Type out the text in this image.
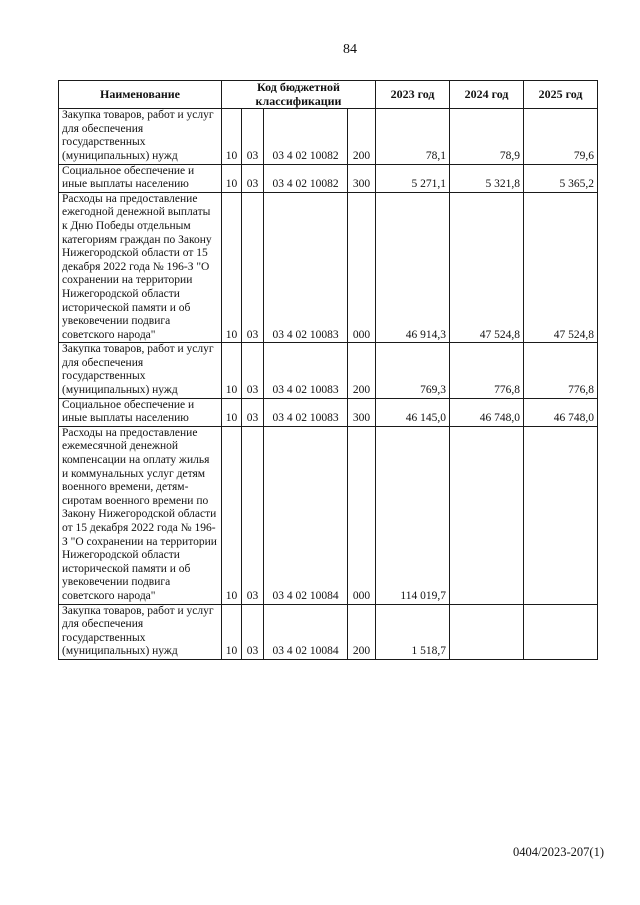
84
Наименование	Код бюджетной классификации				2023 год	2024 год	2025 год
Закупка товаров, работ и услуг для обеспечения государственных (муниципальных) нужд	10	03	03 4 02 10082	200	78,1	78,9	79,6
Социальное обеспечение и иные выплаты населению	10	03	03 4 02 10082	300	5 271,1	5 321,8	5 365,2
Расходы на предоставление ежегодной денежной выплаты к Дню Победы отдельным категориям граждан по Закону Нижегородской области от 15 декабря 2022 года № 196-З "О сохранении на территории Нижегородской области исторической памяти и об увековечении подвига советского народа"	10	03	03 4 02 10083	000	46 914,3	47 524,8	47 524,8
Закупка товаров, работ и услуг для обеспечения государственных (муниципальных) нужд	10	03	03 4 02 10083	200	769,3	776,8	776,8
Социальное обеспечение и иные выплаты населению	10	03	03 4 02 10083	300	46 145,0	46 748,0	46 748,0
Расходы на предоставление ежемесячной денежной компенсации на оплату жилья и коммунальных услуг детям военного времени, детям-сиротам военного времени по Закону Нижегородской области от 15 декабря 2022 года № 196-З "О сохранении на территории Нижегородской области исторической памяти и об увековечении подвига советского народа"	10	03	03 4 02 10084	000	114 019,7		
Закупка товаров, работ и услуг для обеспечения государственных (муниципальных) нужд	10	03	03 4 02 10084	200	1 518,7		
0404/2023-207(1)
